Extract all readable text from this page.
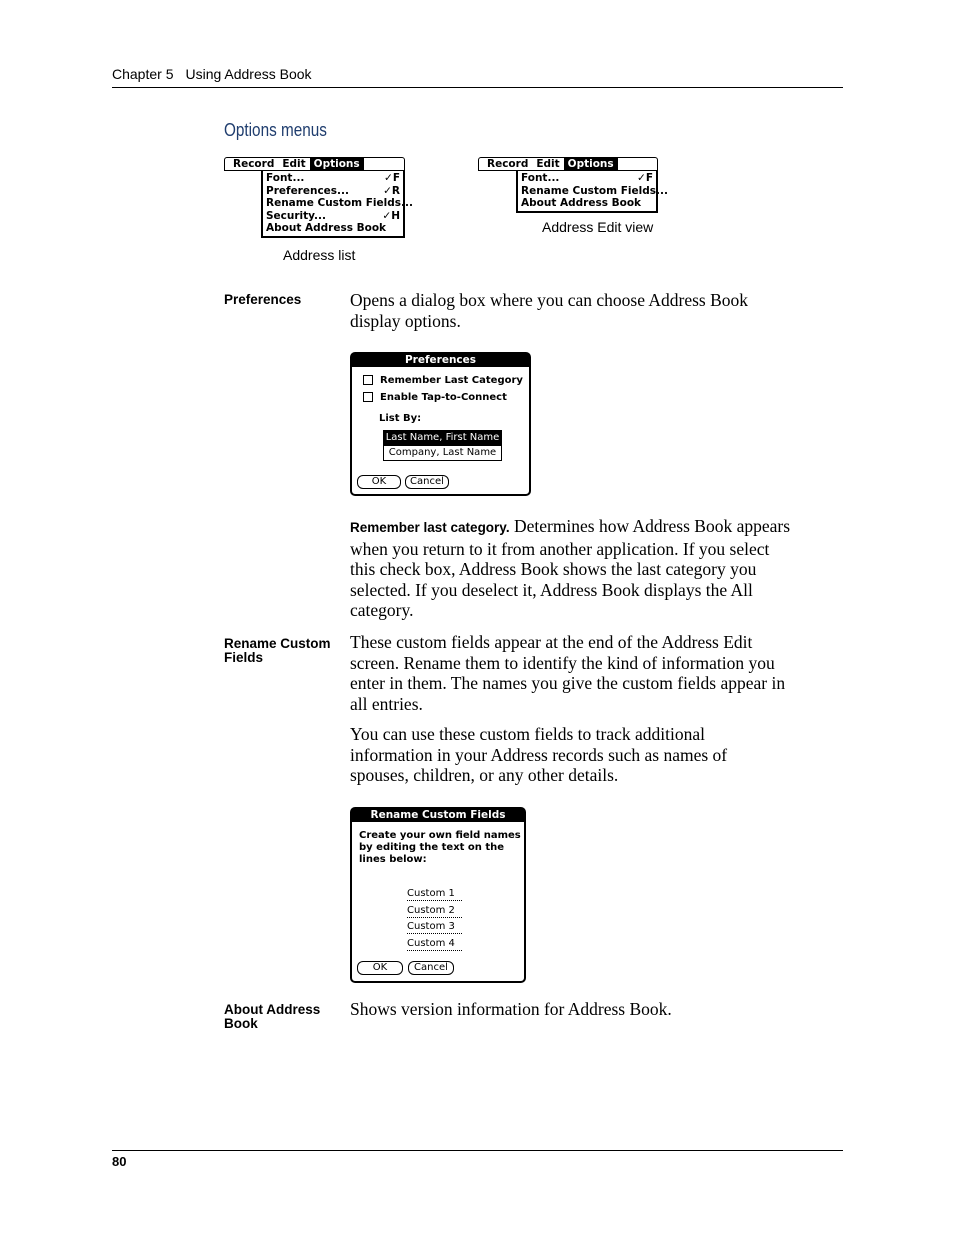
Chapter 5 Using Address Book
Options menus
Record Edit Options
Font...	✓F
Preferences...	✓R
Rename Custom Fields...
Security...	✓H
About Address Book
Address list
Record Edit Options
Font...	✓F
Rename Custom Fields...
About Address Book
Address Edit view
Preferences	Opens a dialog box where you can choose Address Book display options.
Preferences
Remember Last Category
Enable Tap-to-Connect
List By:
Last Name, First Name
Company, Last Name
OK	Cancel
Remember last category. Determines how Address Book appears when you return to it from another application. If you select this check box, Address Book shows the last category you selected. If you deselect it, Address Book displays the All category.
Rename Custom Fields
These custom fields appear at the end of the Address Edit screen. Rename them to identify the kind of information you enter in them. The names you give the custom fields appear in all entries.
You can use these custom fields to track additional information in your Address records such as names of spouses, children, or any other details.
Rename Custom Fields
Create your own field names by editing the text on the lines below:
Custom 1
Custom 2
Custom 3
Custom 4
OK	Cancel
About Address Book
Shows version information for Address Book.
80
